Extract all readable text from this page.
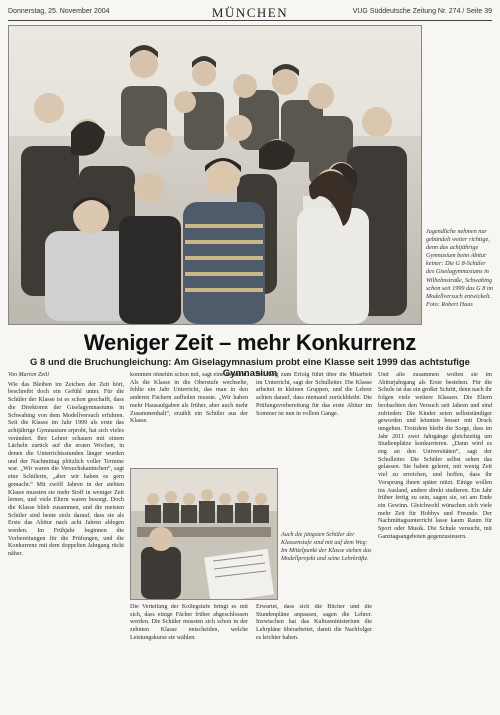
Donnerstag, 25. November 2004	MÜNCHEN	VUG Süddeutsche Zeitung Nr. 274 / Seite 39
Jugendliche nehmen nur gebündelt weiter richtige, denn das achtjährige Gymnasium beim Abitur keiner: Die G 8-Schüler des Giselagymnasiums in Wilhelmstraße, Schwabing schon seit 1999 das G 8 im Modellversuch entwickelt. Foto: Robert Haas
Weniger Zeit – mehr Konkurrenz
G 8 und die Bruchungleichung: Am Giselagymnasium probt eine Klasse seit 1999 das achtstufige Gymnasium
Von Marion Zeill
Wie das Bleiben im Zeichen der Zeit hört, beschreibt doch ein Gefühl unter. Für die Schüler der Klasse ist es schon geschafft, dass die Direktoren der Giselagymnasiums in Schwabing von dem Modellversuch erfuhren. Seit die Klasse im Jahr 1999 als erste das achtjährige Gymnasium erprobt, hat sich vieles verändert. Ihre Lehrer schauen mit einem Lächeln zurück auf die ersten Wochen, in denen die Unterrichtsstunden länger wurden und der Nachmittag plötzlich voller Termine war. „Wir waren die Versuchskaninchen“, sagt eine Schülerin, „aber wir haben es gern gemacht.“ Mit zwölf Jahren in der siebten Klasse mussten sie mehr Stoff in weniger Zeit lernen, und viele Eltern waren besorgt. Doch die Klasse blieb zusammen, und die meisten Schüler sind heute stolz darauf, dass sie als Erste das Abitur nach acht Jahren ablegen werden. Im Frühjahr beginnen die Vorbereitungen für die Prüfungen, und die Konkurrenz mit dem doppelten Jahrgang rückt näher.
kommen ohnehin schon mit, sagt eine Lehrerin. Als die Klasse in die Oberstufe wechselte, fehlte ein Jahr Unterricht, das man in den anderen Fächern aufholen musste. „Wir haben mehr Hausaufgaben als früher, aber auch mehr Zusammenhalt“, erzählt ein Schüler aus der Klasse.
Der Weg zum Erfolg führt über die Mitarbeit im Unterricht, sagt der Schulleiter. Die Klasse arbeitet in kleinen Gruppen, und die Lehrer achten darauf, dass niemand zurückbleibt. Die Prüfungsvorbereitung für das erste Abitur im Sommer ist nun in vollem Gange.
Und alle zusammen wollen sie im Abiturjahrgang als Erste bestehen. Für die Schule ist das ein großer Schritt, denn nach ihr folgen viele weitere Klassen. Die Eltern beobachten den Versuch seit Jahren und sind zufrieden: Die Kinder seien selbstständiger geworden und könnten besser mit Druck umgehen. Trotzdem bleibt die Sorge, dass im Jahr 2011 zwei Jahrgänge gleichzeitig um Studienplätze konkurrieren. „Dann wird es eng an den Universitäten“, sagt der Schulleiter. Die Schüler selbst sehen das gelassen. Sie haben gelernt, mit wenig Zeit viel zu erreichen, und hoffen, dass ihr Vorsprung ihnen später nützt. Einige wollen ins Ausland, andere direkt studieren. Ein Jahr früher fertig zu sein, sagen sie, sei am Ende ein Gewinn. Gleichwohl wünschen sich viele mehr Zeit für Hobbys und Freunde. Der Nachmittagsunterricht lasse kaum Raum für Sport oder Musik. Die Schule versucht, mit Ganztagsangeboten gegenzusteuern.
Auch die jüngsten Schüler der Klassenstufe sind mit auf dem Weg: Im Mittelpunkt der Klasse stehen das Modellprojekt und seine Lehrkräfte.
Die Verteilung der Kollegstufe bringt es mit sich, dass einige Fächer früher abgeschlossen werden. Die Schüler mussten sich schon in der zehnten Klasse entscheiden, welche Leistungskurse sie wählen.
Erwartet, dass sich die Bücher und die Stundenpläne anpassen, sagen die Lehrer. Inzwischen hat das Kultusministerium die Lehrpläne überarbeitet, damit die Nachfolger es leichter haben.
